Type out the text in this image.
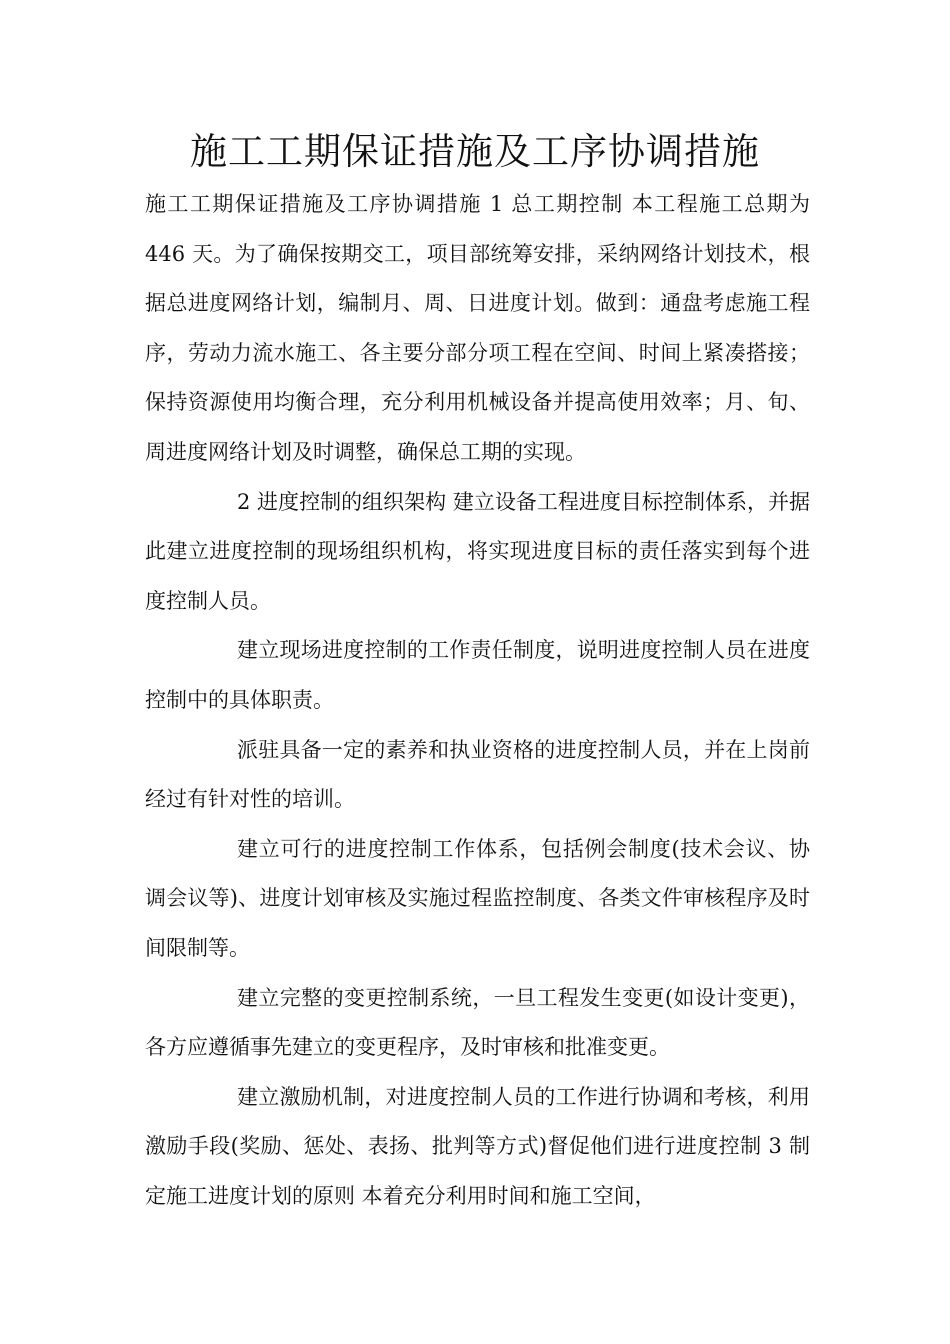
施工工期保证措施及工序协调措施

施工工期保证措施及工序协调措施 1 总工期控制 本工程施工总期为 446 天。为了确保按期交工，项目部统筹安排，采纳网络计划技术，根据总进度网络计划，编制月、周、日进度计划。做到：通盘考虑施工程序，劳动力流水施工、各主要分部分项工程在空间、时间上紧凑搭接；保持资源使用均衡合理，充分利用机械设备并提高使用效率；月、旬、周进度网络计划及时调整，确保总工期的实现。

2 进度控制的组织架构 建立设备工程进度目标控制体系，并据此建立进度控制的现场组织机构，将实现进度目标的责任落实到每个进度控制人员。

建立现场进度控制的工作责任制度，说明进度控制人员在进度控制中的具体职责。

派驻具备一定的素养和执业资格的进度控制人员，并在上岗前经过有针对性的培训。

建立可行的进度控制工作体系，包括例会制度(技术会议、协调会议等)、进度计划审核及实施过程监控制度、各类文件审核程序及时间限制等。

建立完整的变更控制系统，一旦工程发生变更(如设计变更)，各方应遵循事先建立的变更程序，及时审核和批准变更。

建立激励机制，对进度控制人员的工作进行协调和考核，利用激励手段(奖励、惩处、表扬、批判等方式)督促他们进行进度控制 3 制定施工进度计划的原则 本着充分利用时间和施工空间，
